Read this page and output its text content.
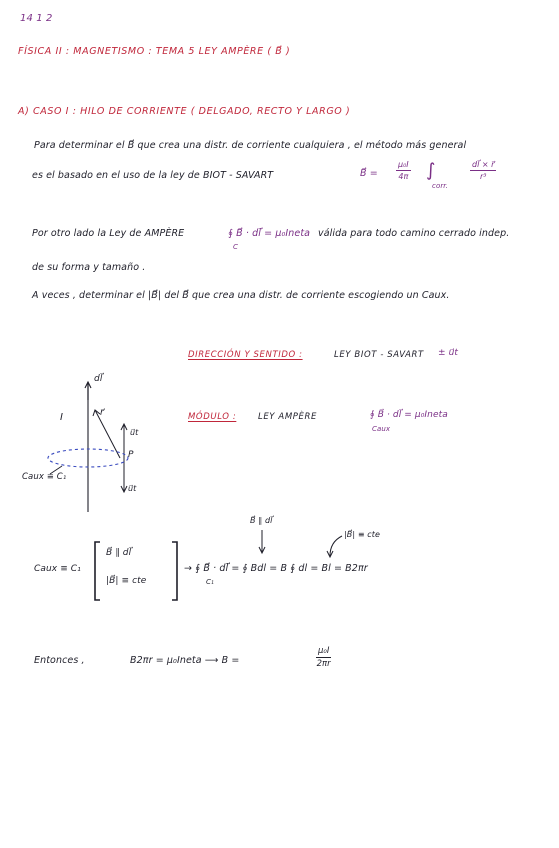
14 1 2
FÍSICA II : MAGNETISMO : TEMA 5 LEY AMPÈRE ( B⃗ )
A) CASO I : HILO DE CORRIENTE ( DELGADO, RECTO Y LARGO )
Para determinar el B⃗ que crea una distr. de corriente cualquiera , el método más general
es el basado en el uso de la ley de BIOT - SAVART	B⃗ = $\frac{\text{μ₀I}}{4\pi}$ ∫
corr.
$\frac{dl⃗ \times r⃗}{\text{r³}}$
Por otro lado la Ley de AMPÈRE	∮ B⃗ · dl⃗ = μ₀Ineta
C
válida para todo camino cerrado indep.
de su forma y tamaño .
A veces , determinar el |B⃗| del B⃗ que crea una distr. de corriente escogiendo un Caux.
DIRECCIÓN Y SENTIDO :	LEY BIOT - SAVART ± u⃗t
MÓDULO :	LEY AMPÈRE	∮ B⃗ · dl⃗ = μ₀Ineta
Caux
dl⃗
I	r⃗
u⃗t
P
u⃗t
Caux ≡ C₁
B⃗ ∥ dl⃗
|B⃗| ≡ cte
Caux ≡ C₁
B⃗ ∥ dl⃗
|B⃗| ≡ cte
→ ∮ B⃗ · dl⃗ = ∮ Bdl = B ∮ dl = Bl = B2πr
C₁
Entonces ,	B2πr = μ₀Ineta ⟶ B =	$\frac{\text{μ₀I}}{2\pi r}$
